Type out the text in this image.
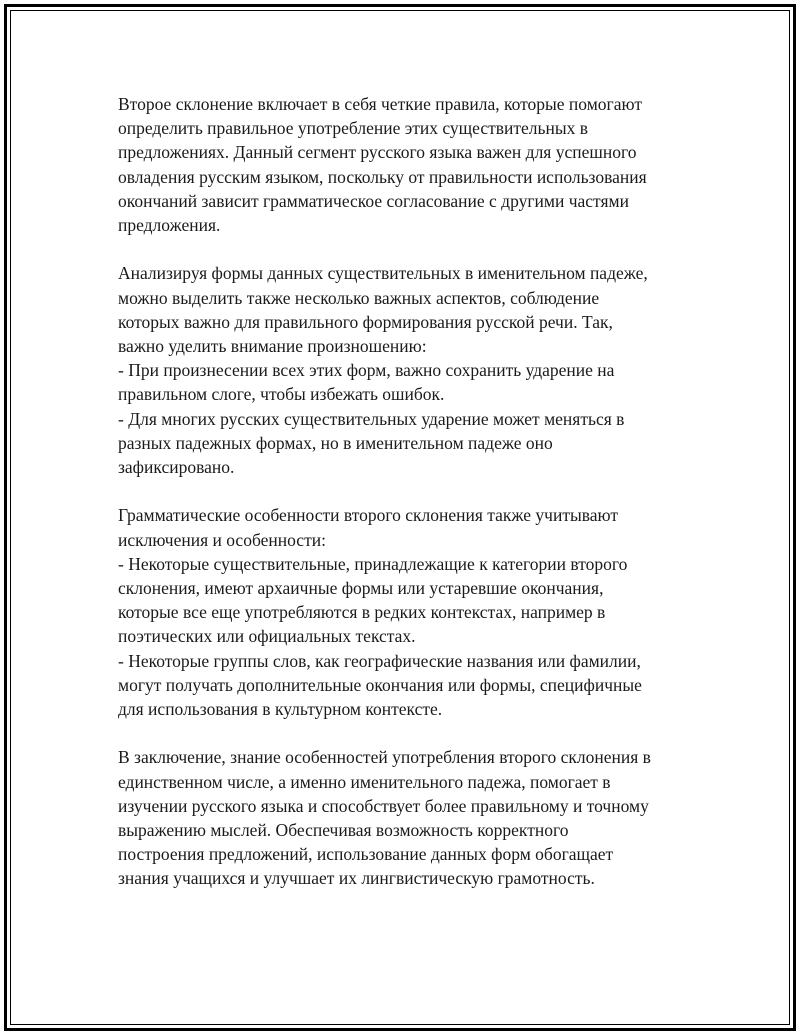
Второе склонение включает в себя четкие правила, которые помогают
определить правильное употребление этих существительных в
предложениях. Данный сегмент русского языка важен для успешного
овладения русским языком, поскольку от правильности использования
окончаний зависит грамматическое согласование с другими частями
предложения.

Анализируя формы данных существительных в именительном падеже,
можно выделить также несколько важных аспектов, соблюдение
которых важно для правильного формирования русской речи. Так,
важно уделить внимание произношению:
- При произнесении всех этих форм, важно сохранить ударение на
правильном слоге, чтобы избежать ошибок.
- Для многих русских существительных ударение может меняться в
разных падежных формах, но в именительном падеже оно
зафиксировано.

Грамматические особенности второго склонения также учитывают
исключения и особенности:
- Некоторые существительные, принадлежащие к категории второго
склонения, имеют архаичные формы или устаревшие окончания,
которые все еще употребляются в редких контекстах, например в
поэтических или официальных текстах.
- Некоторые группы слов, как географические названия или фамилии,
могут получать дополнительные окончания или формы, специфичные
для использования в культурном контексте.

В заключение, знание особенностей употребления второго склонения в
единственном числе, а именно именительного падежа, помогает в
изучении русского языка и способствует более правильному и точному
выражению мыслей. Обеспечивая возможность корректного
построения предложений, использование данных форм обогащает
знания учащихся и улучшает их лингвистическую грамотность.
